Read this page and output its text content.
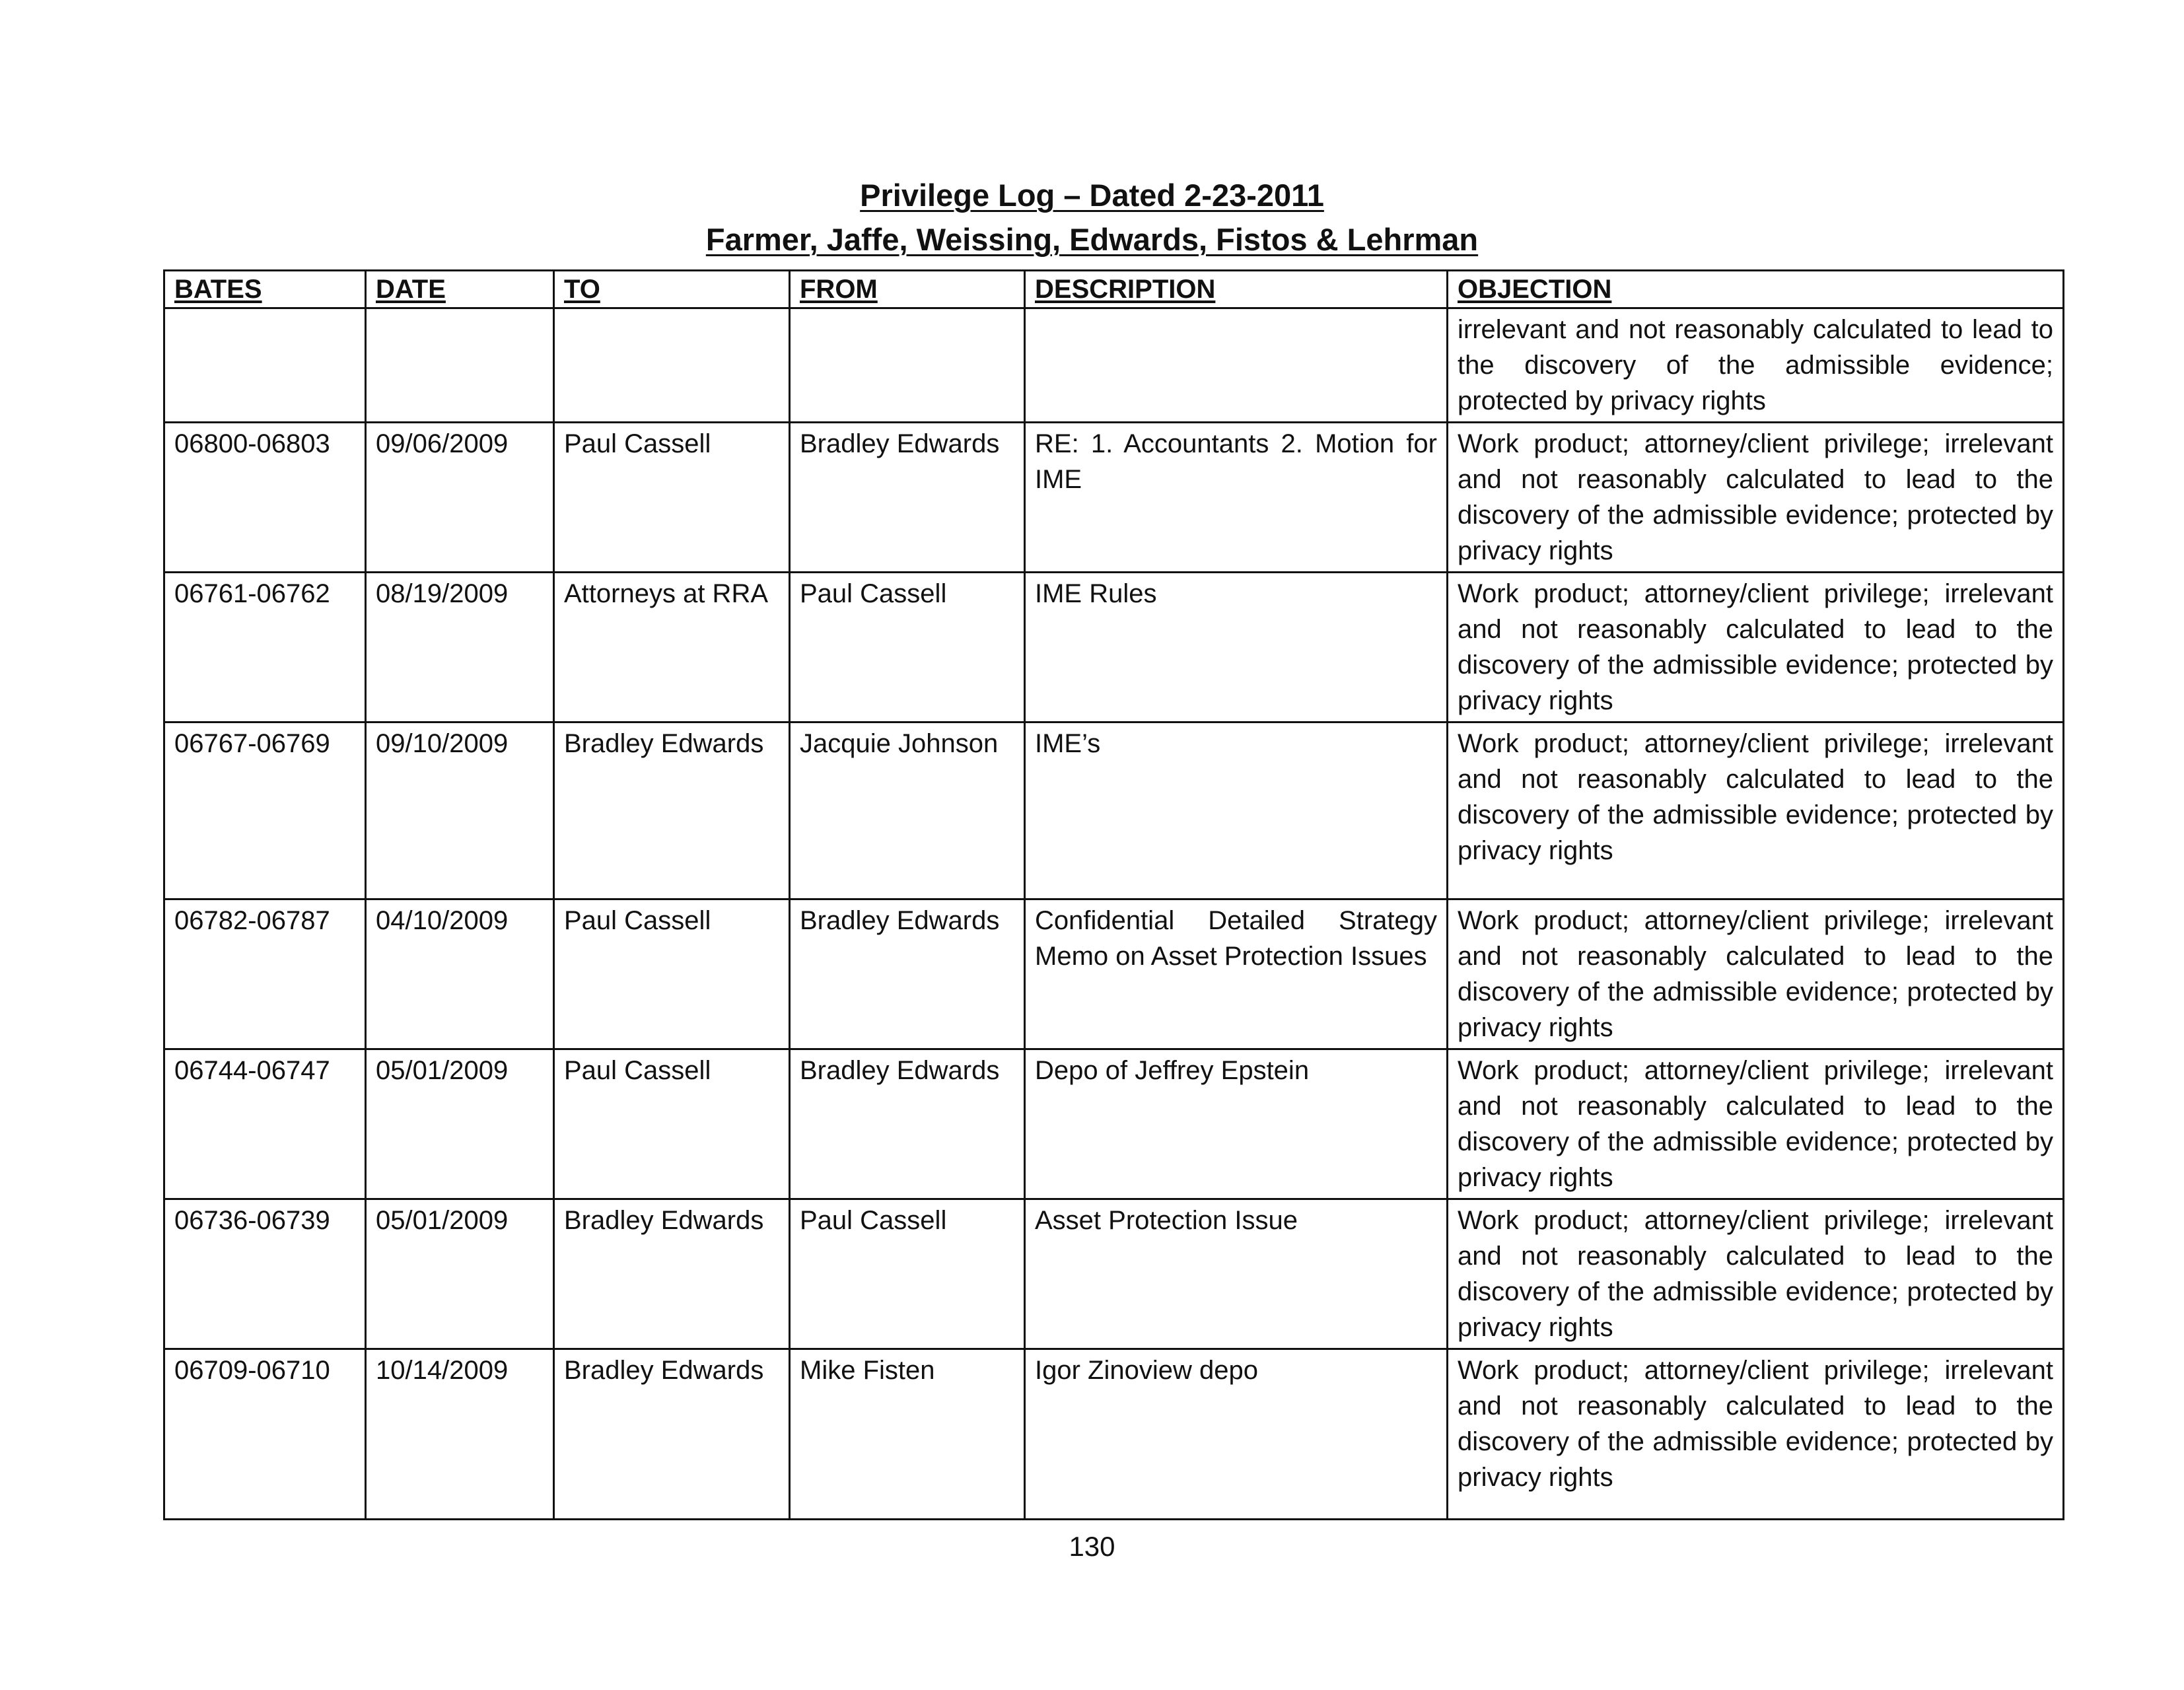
Privilege Log – Dated 2-23-2011
Farmer, Jaffe, Weissing, Edwards, Fistos & Lehrman
BATES	DATE	TO	FROM	DESCRIPTION	OBJECTION
					irrelevant and not reasonably calculated to lead to the discovery of the admissible evidence; protected by privacy rights
06800-06803	09/06/2009	Paul Cassell	Bradley Edwards	RE: 1. Accountants 2. Motion for IME	Work product; attorney/client privilege; irrelevant and not reasonably calculated to lead to the discovery of the admissible evidence; protected by privacy rights
06761-06762	08/19/2009	Attorneys at RRA	Paul Cassell	IME Rules	Work product; attorney/client privilege; irrelevant and not reasonably calculated to lead to the discovery of the admissible evidence; protected by privacy rights
06767-06769	09/10/2009	Bradley Edwards	Jacquie Johnson	IME’s	Work product; attorney/client privilege; irrelevant and not reasonably calculated to lead to the discovery of the admissible evidence; protected by privacy rights
06782-06787	04/10/2009	Paul Cassell	Bradley Edwards	Confidential Detailed Strategy Memo on Asset Protection Issues	Work product; attorney/client privilege; irrelevant and not reasonably calculated to lead to the discovery of the admissible evidence; protected by privacy rights
06744-06747	05/01/2009	Paul Cassell	Bradley Edwards	Depo of Jeffrey Epstein	Work product; attorney/client privilege; irrelevant and not reasonably calculated to lead to the discovery of the admissible evidence; protected by privacy rights
06736-06739	05/01/2009	Bradley Edwards	Paul Cassell	Asset Protection Issue	Work product; attorney/client privilege; irrelevant and not reasonably calculated to lead to the discovery of the admissible evidence; protected by privacy rights
06709-06710	10/14/2009	Bradley Edwards	Mike Fisten	Igor Zinoview depo	Work product; attorney/client privilege; irrelevant and not reasonably calculated to lead to the discovery of the admissible evidence; protected by privacy rights
130
